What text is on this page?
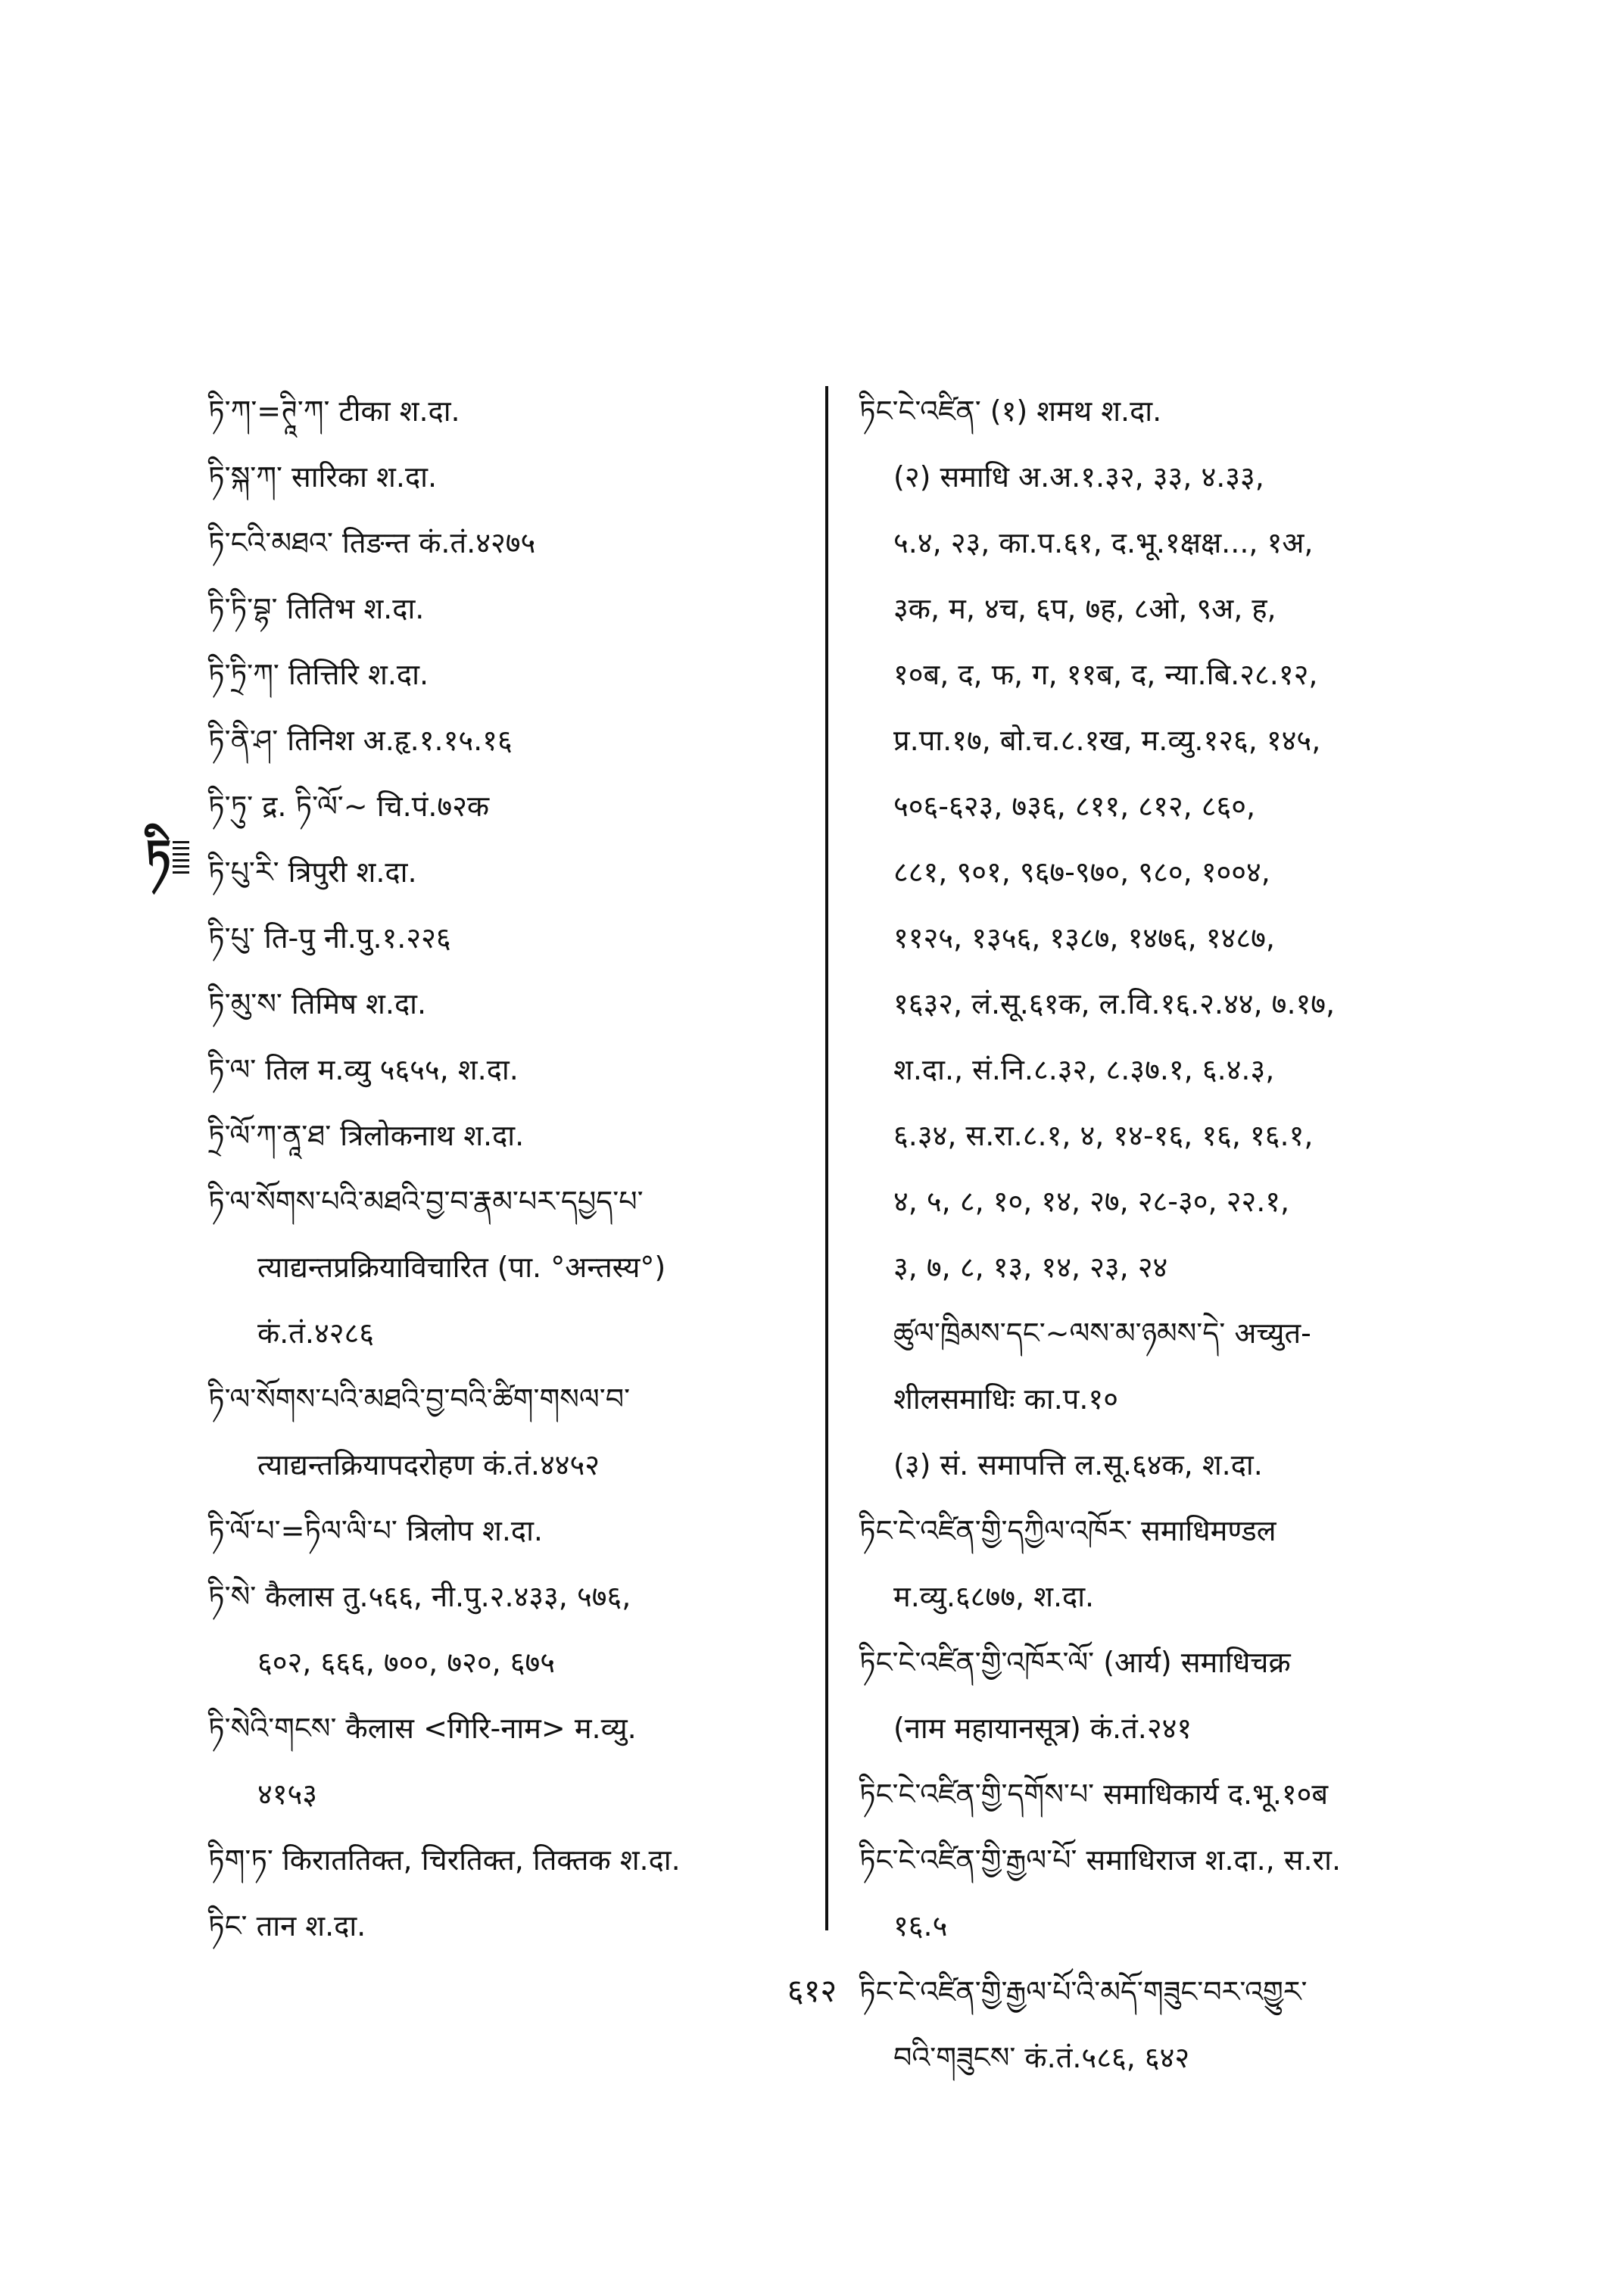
ཏི
ཏི་ཀ་=ཊཱི་ཀ་ टीका श.दा.
ཏི་སྐ་ཀ་ सारिका श.दा.
ཏི་ངའི་མཐའ་ तिङन्त कं.तं.४२७५
ཏི་ཏི་བྷ་ तितिभ श.दा.
ཏི་ཏྲི་ཀ་ तित्तिरि श.दा.
ཏི་ནི་ཤ་ तिनिश अ.हृ.१.१५.१६
ཏི་ཏུ་ द्र. ཏི་ལོ་~ चि.पं.७२क
ཏི་པུ་རི་ त्रिपुरी श.दा.
ཏི་པུ་ ति-पु नी.पु.१.२२६
ཏི་མུ་ས་ तिमिष श.दा.
ཏི་ལ་ तिल म.व्यु ५६५५, श.दा.
ཏྲི་ལོ་ཀ་ནཱ་ཐ་ त्रिलोकनाथ श.दा.
ཏི་ལ་སོགས་པའི་མཐའི་བྱ་བ་རྣམ་པར་དཔྱད་པ་
त्याद्यन्तप्रक्रियाविचारित (पा. °अन्तस्य°)
कं.तं.४२८६
ཏི་ལ་སོགས་པའི་མཐའི་བྱ་བའི་ཚིག་གསལ་བ་
त्याद्यन्तक्रियापदरोहण कं.तं.४४५२
ཏི་ལོ་པ་=ཏིལ་ལི་པ་ त्रिलोप श.दा.
ཏི་སེ་ कैलास तु.५६६, नी.पु.२.४३३, ५७६,
६०२, ६६६, ७००, ७२०, ६७५
ཏི་སེའི་གངས་ कैलास <गिरि-नाम> म.व्यु.
४१५३
ཏིག་ཏ་ किराततिक्त, चिरतिक्त, तिक्तक श.दा.
ཏིང་ तान श.दा.
ཏིང་ངེ་འཛིན་ (१) शमथ श.दा.
(२) समाधि अ.अ.१.३२, ३३, ४.३३,
५.४, २३, का.प.६१, द.भू.१क्षक्ष..., १अ,
३क, म, ४च, ६प, ७ह, ८ओ, ९अ, ह,
१०ब, द, फ, ग, ११ब, द, न्या.बि.२८.१२,
प्र.पा.१७, बो.च.८.१ख, म.व्यु.१२६, १४५,
५०६-६२३, ७३६, ८११, ८१२, ८६०,
८८१, ९०१, ९६७-९७०, ९८०, १००४,
११२५, १३५६, १३८७, १४७६, १४८७,
१६३२, लं.सू.६१क, ल.वि.१६.२.४४, ७.१७,
श.दा., सं.नि.८.३२, ८.३७.१, ६.४.३,
६.३४, स.रा.८.१, ४, १४-१६, १६, १६.१,
४, ५, ८, १०, १४, २७, २८-३०, २२.१,
३, ७, ८, १३, १४, २३, २४
ཚུལ་ཁྲིམས་དང་~ལས་མ་ཉམས་དེ་ अच्युत-
शीलसमाधिः का.प.१०
(३) सं. समापत्ति ल.सू.६४क, श.दा.
ཏིང་ངེ་འཛིན་གྱི་དཀྱིལ་འཁོར་ समाधिमण्डल
म.व्यु.६८७७, श.दा.
ཏིང་ངེ་འཛིན་གྱི་འཁོར་ལོ་ (आर्य) समाधिचक्र
(नाम महायानसूत्र) कं.तं.२४१
ཏིང་ངེ་འཛིན་གྱི་དགོས་པ་ समाधिकार्य द.भू.१०ब
ཏིང་ངེ་འཛིན་གྱི་རྒྱལ་པོ་ समाधिराज श.दा., स.रा.
१६.५
ཏིང་ངེ་འཛིན་གྱི་རྒྱལ་པོ་འི་མདོ་གཟུང་བར་འགྱུར་
བའི་གཟུངས་ कं.तं.५८६, ६४२
६१२
